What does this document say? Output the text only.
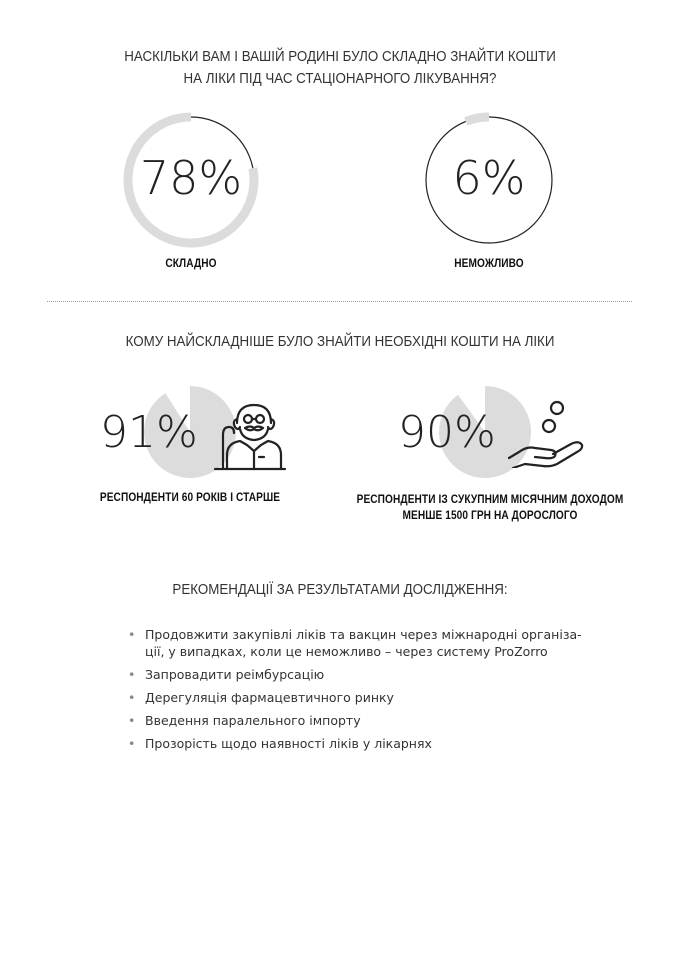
НАСКІЛЬКИ ВАМ І ВАШІЙ РОДИНІ БУЛО СКЛАДНО ЗНАЙТИ КОШТИ
НА ЛІКИ ПІД ЧАС СТАЦІОНАРНОГО ЛІКУВАННЯ?
78%
СКЛАДНО
6%
НЕМОЖЛИВО
КОМУ НАЙСКЛАДНІШЕ БУЛО ЗНАЙТИ НЕОБХІДНІ КОШТИ НА ЛІКИ
91%
РЕСПОНДЕНТИ 60 РОКІВ І СТАРШЕ
90%
РЕСПОНДЕНТИ ІЗ СУКУПНИМ МІСЯЧНИМ ДОХОДОМ
МЕНШЕ 1500 ГРН НА ДОРОСЛОГО
РЕКОМЕНДАЦІЇ ЗА РЕЗУЛЬТАТАМИ ДОСЛІДЖЕННЯ:
• Продовжити закупівлі ліків та вакцин через міжнародні організа-ції, у випадках, коли це неможливо – через систему ProZorro
• Запровадити реімбурсацію
• Дерегуляція фармацевтичного ринку
• Введення паралельного імпорту
• Прозорість щодо наявності ліків у лікарнях
